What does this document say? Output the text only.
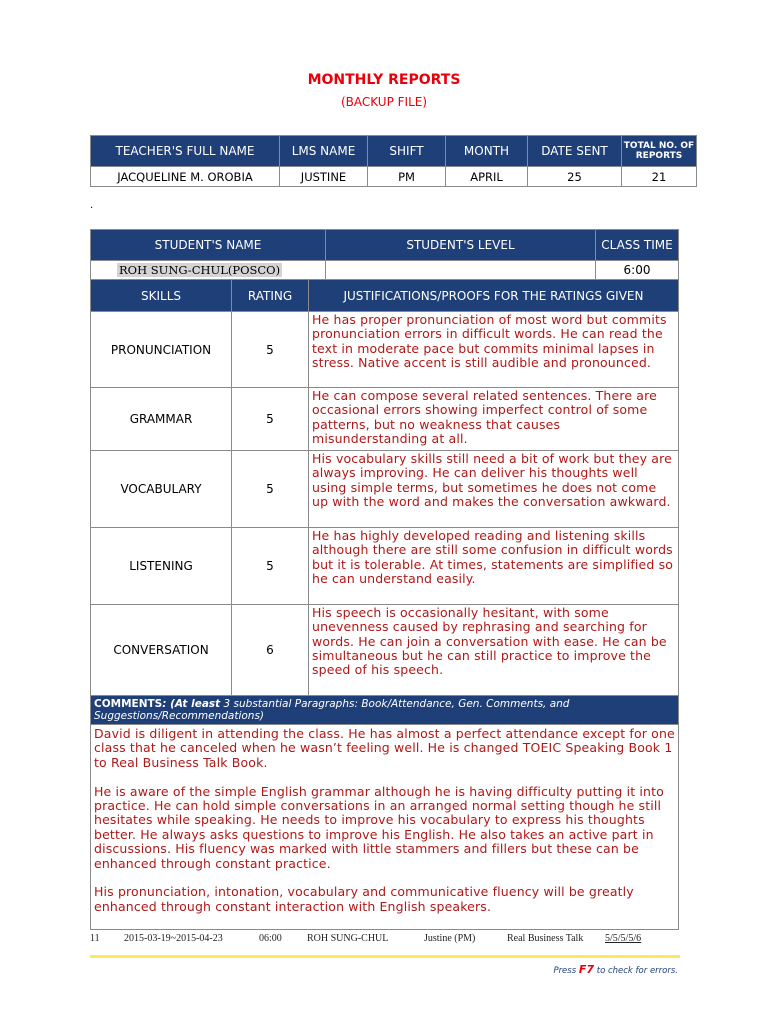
MONTHLY REPORTS
(BACKUP FILE)
TEACHER'S FULL NAME	LMS NAME	SHIFT	MONTH	DATE SENT	TOTAL NO. OF REPORTS
JACQUELINE M. OROBIA	JUSTINE	PM	APRIL	25	21
.
STUDENT'S NAME			STUDENT'S LEVEL	CLASS TIME
ROH SUNG-CHUL(POSCO)				6:00
SKILLS	RATING	JUSTIFICATIONS/PROOFS FOR THE RATINGS GIVEN		
PRONUNCIATION	5	He has proper pronunciation of most word but commits pronunciation errors in difficult words. He can read the text in moderate pace but commits minimal lapses in stress. Native accent is still audible and pronounced.		
GRAMMAR	5	He can compose several related sentences. There are occasional errors showing imperfect control of some patterns, but no weakness that causes misunderstanding at all.		
VOCABULARY	5	His vocabulary skills still need a bit of work but they are always improving. He can deliver his thoughts well using simple terms, but sometimes he does not come up with the word and makes the conversation awkward.		
LISTENING	5	He has highly developed reading and listening skills although there are still some confusion in difficult words but it is tolerable. At times, statements are simplified so he can understand easily.		
CONVERSATION	6	His speech is occasionally hesitant, with some unevenness caused by rephrasing and searching for words. He can join a conversation with ease. He can be simultaneous but he can still practice to improve the speed of his speech.		
COMMENTS: (At least 3 substantial Paragraphs: Book/Attendance, Gen. Comments, and Suggestions/Recommendations)				

David is diligent in attending the class. He has almost a perfect attendance except for one class that he canceled when he wasn’t feeling well. He is changed TOEIC Speaking Book 1 to Real Business Talk Book.

He is aware of the simple English grammar although he is having difficulty putting it into practice. He can hold simple conversations in an arranged normal setting though he still hesitates while speaking. He needs to improve his vocabulary to express his thoughts better. He always asks questions to improve his English. He also takes an active part in discussions. His fluency was marked with little stammers and fillers but these can be enhanced through constant practice.

His pronunciation, intonation, vocabulary and communicative fluency will be greatly enhanced through constant interaction with English speakers.				

11 2015-03-19~2015-04-23	06:00	ROH SUNG-CHUL	Justine (PM)	Real Business Talk 5/5/5/5/6
Press F7 to check for errors.
